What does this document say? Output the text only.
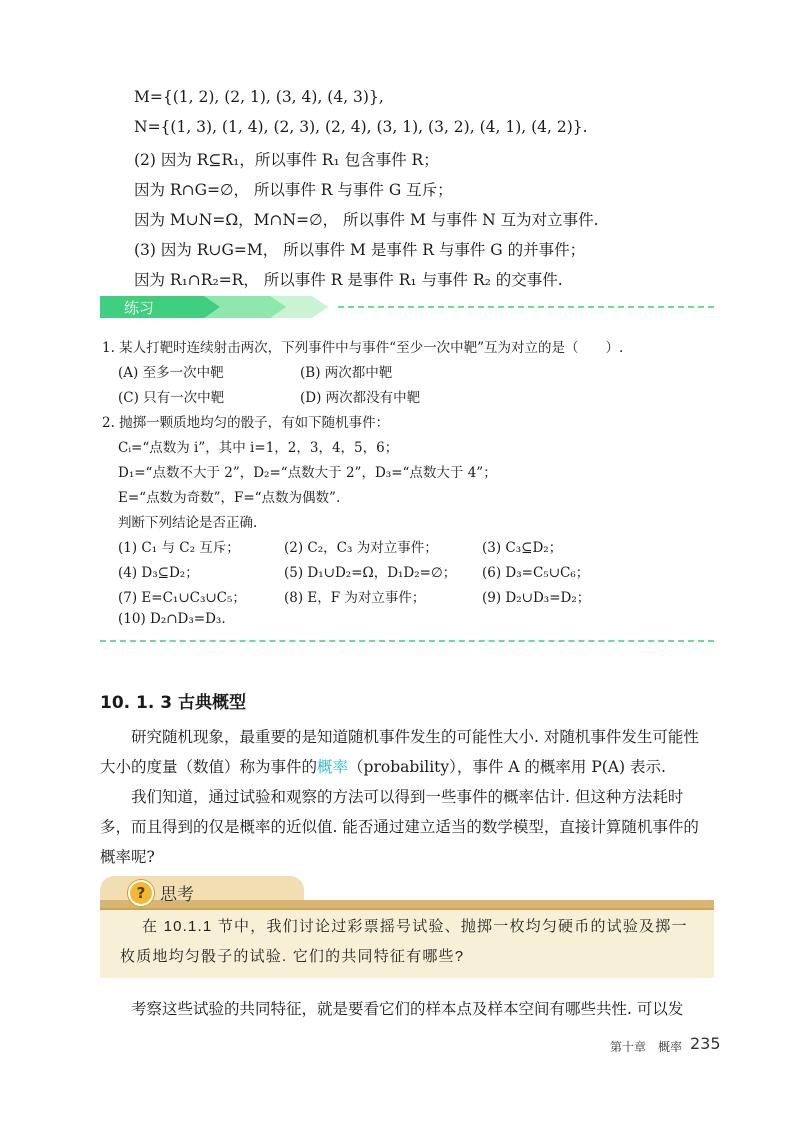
M={(1, 2), (2, 1), (3, 4), (4, 3)},
N={(1, 3), (1, 4), (2, 3), (2, 4), (3, 1), (3, 2), (4, 1), (4, 2)}.
(2) 因为 R⊆R₁，所以事件 R₁ 包含事件 R；
因为 R∩G=∅， 所以事件 R 与事件 G 互斥；
因为 M∪N=Ω，M∩N=∅， 所以事件 M 与事件 N 互为对立事件.
(3) 因为 R∪G=M， 所以事件 M 是事件 R 与事件 G 的并事件；
因为 R₁∩R₂=R， 所以事件 R 是事件 R₁ 与事件 R₂ 的交事件.
练习
1. 某人打靶时连续射击两次，下列事件中与事件“至少一次中靶”互为对立的是（　　）.
(A) 至多一次中靶	(B) 两次都中靶
(C) 只有一次中靶	(D) 两次都没有中靶
2. 抛掷一颗质地均匀的骰子，有如下随机事件：
Cᵢ=“点数为 i”，其中 i=1，2，3，4，5，6；
D₁=“点数不大于 2”，D₂=“点数大于 2”，D₃=“点数大于 4”；
E=“点数为奇数”，F=“点数为偶数”.
判断下列结论是否正确.
(1) C₁ 与 C₂ 互斥；	(2) C₂，C₃ 为对立事件；	(3) C₃⊆D₂；
(4) D₃⊆D₂；	(5) D₁∪D₂=Ω，D₁D₂=∅； (6) D₃=C₅∪C₆；
(7) E=C₁∪C₃∪C₅；	(8) E，F 为对立事件；	(9) D₂∪D₃=D₂；
(10) D₂∩D₃=D₃.
10. 1. 3 古典概型
研究随机现象，最重要的是知道随机事件发生的可能性大小. 对随机事件发生可能性大小的度量（数值）称为事件的概率（probability），事件 A 的概率用 P(A) 表示.
我们知道，通过试验和观察的方法可以得到一些事件的概率估计. 但这种方法耗时多，而且得到的仅是概率的近似值. 能否通过建立适当的数学模型，直接计算随机事件的概率呢?
? 思考
在 10.1.1 节中，我们讨论过彩票摇号试验、抛掷一枚均匀硬币的试验及掷一枚质地均匀骰子的试验. 它们的共同特征有哪些?
考察这些试验的共同特征，就是要看它们的样本点及样本空间有哪些共性. 可以发
第十章　概率 235
